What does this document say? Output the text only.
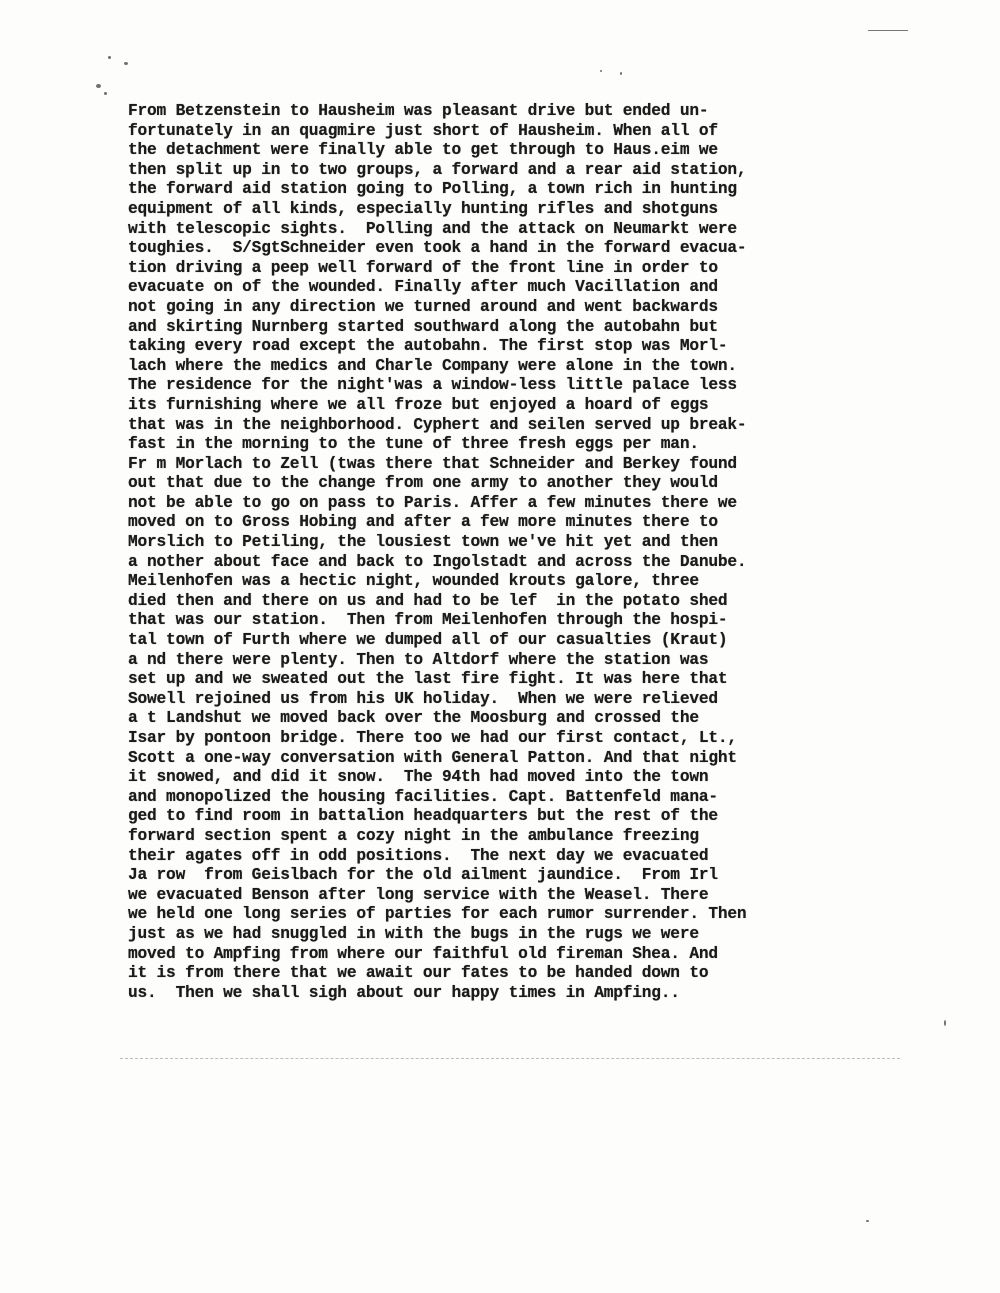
From Betzenstein to Hausheim was pleasant drive but ended un-
fortunately in an quagmire just short of Hausheim. When all of
the detachment were finally able to get through to Haus.eim we
then split up in to two groups, a forward and a rear aid station,
the forward aid station going to Polling, a town rich in hunting
equipment of all kinds, especially hunting rifles and shotguns
with telescopic sights.  Polling and the attack on Neumarkt were
toughies.  S/SgtSchneider even took a hand in the forward evacua-
tion driving a peep well forward of the front line in order to
evacuate on of the wounded. Finally after much Vacillation and
not going in any direction we turned around and went backwards
and skirting Nurnberg started southward along the autobahn but
taking every road except the autobahn. The first stop was Morl-
lach where the medics and Charle Company were alone in the town.
The residence for the night'was a window-less little palace less
its furnishing where we all froze but enjoyed a hoard of eggs
that was in the neighborhood. Cyphert and seilen served up break-
fast in the morning to the tune of three fresh eggs per man.
Fr m Morlach to Zell (twas there that Schneider and Berkey found
out that due to the change from one army to another they would
not be able to go on pass to Paris. Affer a few minutes there we
moved on to Gross Hobing and after a few more minutes there to
Morslich to Petiling, the lousiest town we've hit yet and then
a nother about face and back to Ingolstadt and across the Danube.
Meilenhofen was a hectic night, wounded krouts galore, three
died then and there on us and had to be lef  in the potato shed
that was our station.  Then from Meilenhofen through the hospi-
tal town of Furth where we dumped all of our casualties (Kraut)
a nd there were plenty. Then to Altdorf where the station was
set up and we sweated out the last fire fight. It was here that
Sowell rejoined us from his UK holiday.  When we were relieved
a t Landshut we moved back over the Moosburg and crossed the
Isar by pontoon bridge. There too we had our first contact, Lt.,
Scott a one-way conversation with General Patton. And that night
it snowed, and did it snow.  The 94th had moved into the town
and monopolized the housing facilities. Capt. Battenfeld mana-
ged to find room in battalion headquarters but the rest of the
forward section spent a cozy night in the ambulance freezing
their agates off in odd positions.  The next day we evacuated
Ja row  from Geislbach for the old ailment jaundice.  From Irl
we evacuated Benson after long service with the Weasel. There
we held one long series of parties for each rumor surrender. Then
just as we had snuggled in with the bugs in the rugs we were
moved to Ampfing from where our faithful old fireman Shea. And
it is from there that we await our fates to be handed down to
us.  Then we shall sigh about our happy times in Ampfing..
